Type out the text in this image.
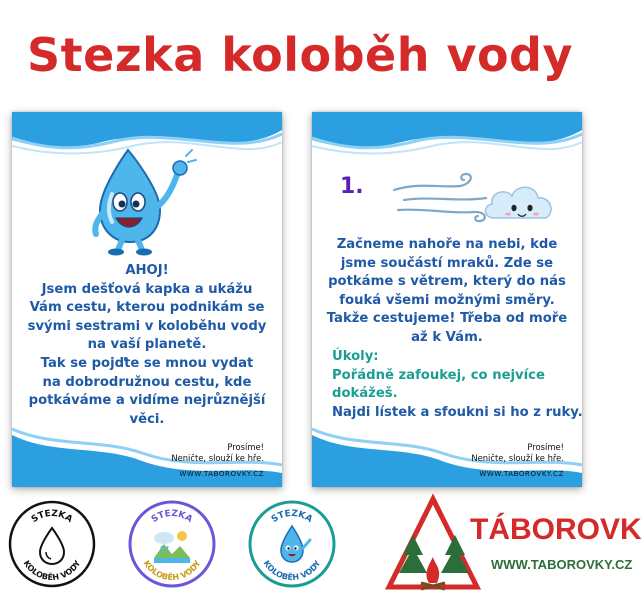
Stezka koloběh vody
AHOJ!
Jsem dešťová kapka a ukážu
Vám cestu, kterou podnikám se
svými sestrami v koloběhu vody
na vaší planetě.
Tak se pojďte se mnou vydat
na dobrodružnou cestu, kde
potkáváme a vidíme nejrůznější
věci.
Prosíme!
Neničte, slouží ke hře.
WWW.TABOROVKY.CZ
1.
Začneme nahoře na nebi, kde
jsme součástí mraků. Zde se
potkáme s větrem, který do nás
fouká všemi možnými směry.
Takže cestujeme! Třeba od moře
až k Vám.
Úkoly:
Pořádně zafoukej, co nejvíce
dokážeš.
Najdi lístek a sfoukni si ho z ruky.
Prosíme!
Neničte, slouží ke hře.
WWW.TABOROVKY.CZ
STEZKA
KOLOBĚH VODY
STEZKA
KOLOBĚH VODY
STEZKA
KOLOBĚH VODY
TÁBOROVK
WWW.TABOROVKY.CZ
